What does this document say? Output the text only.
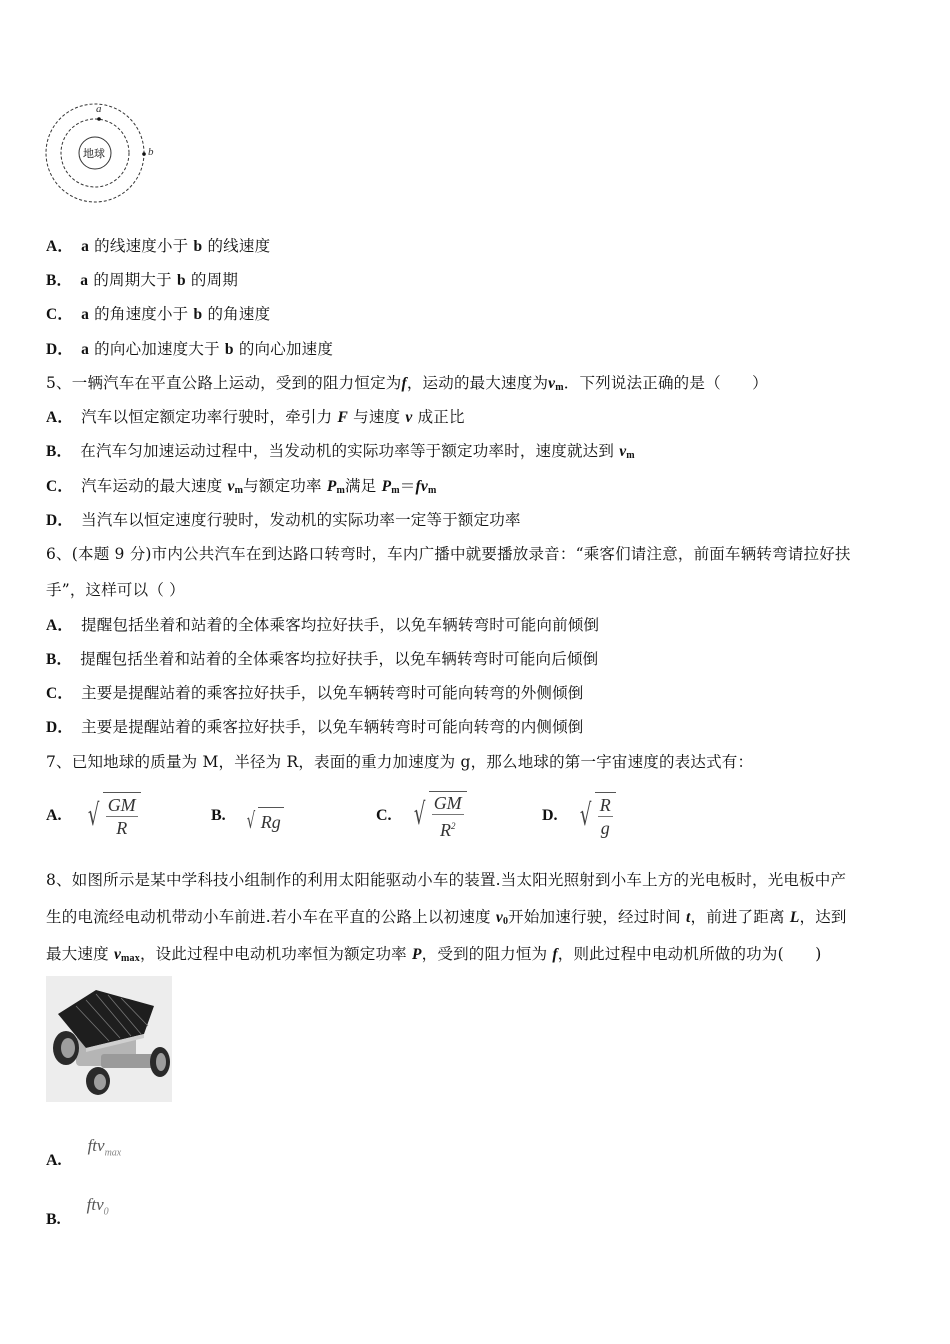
地球
a
b
A． a 的线速度小于 b 的线速度
B． a 的周期大于 b 的周期
C． a 的角速度小于 b 的角速度
D． a 的向心加速度大于 b 的向心加速度
5、一辆汽车在平直公路上运动，受到的阻力恒定为f，运动的最大速度为$v_m$．下列说法正确的是（　　）
A． 汽车以恒定额定功率行驶时，牵引力 F 与速度 v 成正比
B． 在汽车匀加速运动过程中，当发动机的实际功率等于额定功率时，速度就达到 $v_m$
C． 汽车运动的最大速度 $v_m$与额定功率 $P_m$满足 $P_m=fv_m$
D． 当汽车以恒定速度行驶时，发动机的实际功率一定等于额定功率
6、(本题 9 分)市内公共汽车在到达路口转弯时，车内广播中就要播放录音：“乘客们请注意，前面车辆转弯请拉好扶
手”，这样可以（ ）
A． 提醒包括坐着和站着的全体乘客均拉好扶手，以免车辆转弯时可能向前倾倒
B． 提醒包括坐着和站着的全体乘客均拉好扶手，以免车辆转弯时可能向后倾倒
C． 主要是提醒站着的乘客拉好扶手，以免车辆转弯时可能向转弯的外侧倾倒
D． 主要是提醒站着的乘客拉好扶手，以免车辆转弯时可能向转弯的内侧倾倒
7、已知地球的质量为 M，半径为 R，表面的重力加速度为 g，那么地球的第一宇宙速度的表达式有：
A. √ $\frac{GM}{R}$	B. √ Rg	C. √ $\frac{GM}{R^2}$	D. √ $\frac{R}{g}$
8、如图所示是某中学科技小组制作的利用太阳能驱动小车的装置.当太阳光照射到小车上方的光电板时，光电板中产
生的电流经电动机带动小车前进.若小车在平直的公路上以初速度 $v_0$开始加速行驶，经过时间 t，前进了距离 L，达到
最大速度 $v_{max}$，设此过程中电动机功率恒为额定功率 P，受到的阻力恒为 f，则此过程中电动机所做的功为(　　)
A.
ftv$_{max}$
B.
ftv$_0$
